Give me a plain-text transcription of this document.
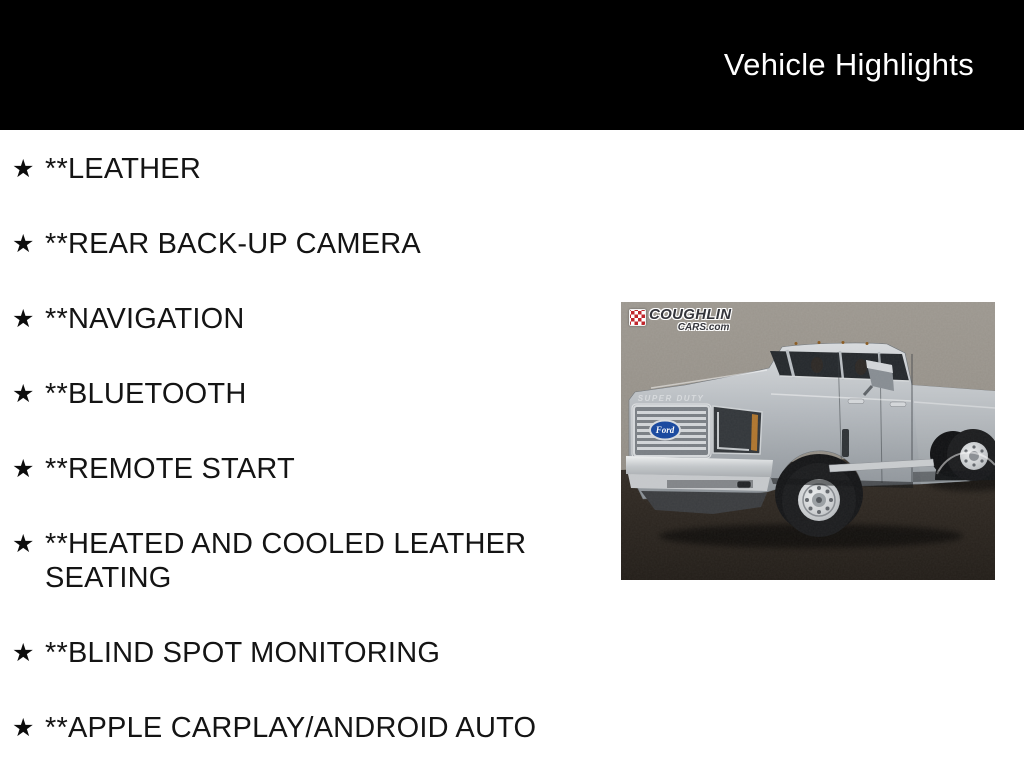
Vehicle Highlights
★ **LEATHER
★ **REAR BACK-UP CAMERA
★ **NAVIGATION
★ **BLUETOOTH
★ **REMOTE START
★ **HEATED AND COOLED LEATHER SEATING
★ **BLIND SPOT MONITORING
★ **APPLE CARPLAY/ANDROID AUTO
Ford
SUPER DUTY
COUGHLIN
CARS.com
